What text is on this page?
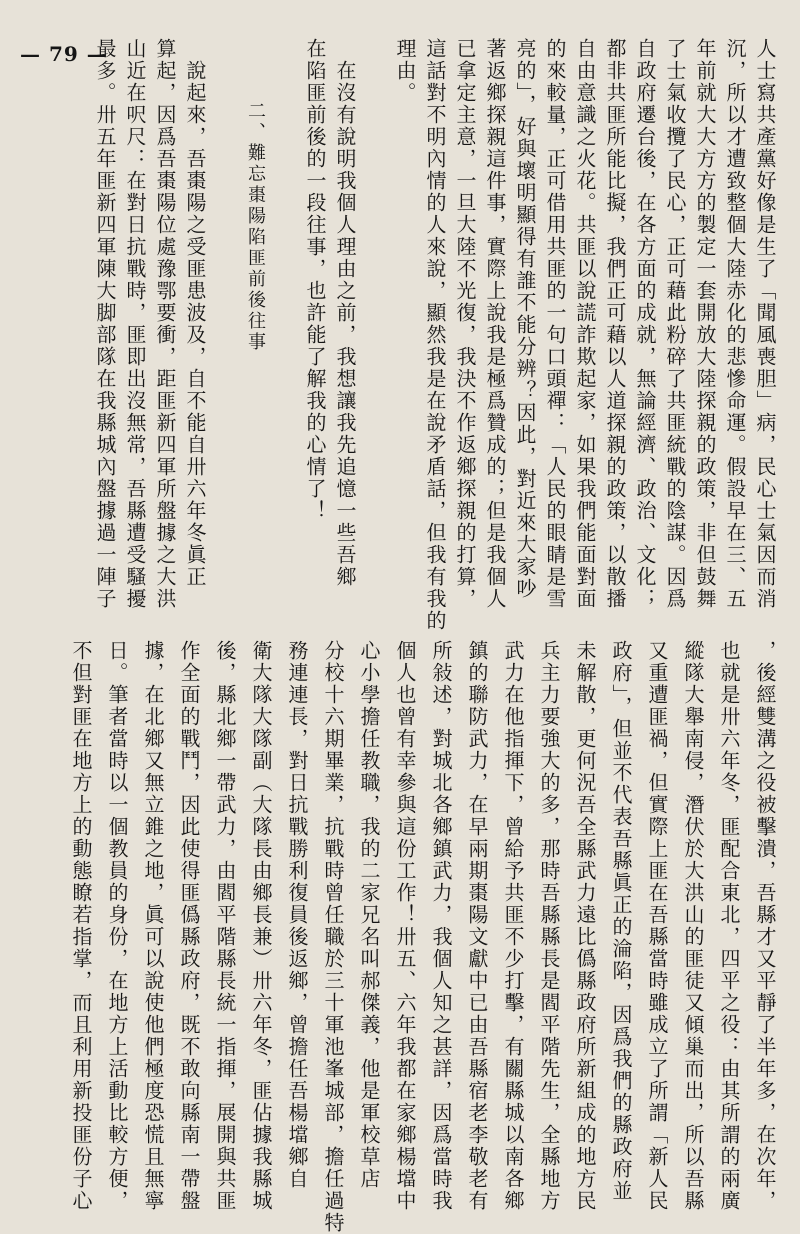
— 79 —	人士寫共產黨好像是生了「聞風喪胆」病，民心士氣因而消
沉，所以才遭致整個大陸赤化的悲慘命運。假設早在三、五
年前就大大方方的製定一套開放大陸探親的政策，非但鼓舞
了士氣收攬了民心，正可藉此粉碎了共匪統戰的陰謀。因爲
自政府遷台後，在各方面的成就，無論經濟、政治、文化；
都非共匪所能比擬，我們正可藉以人道探親的政策，以散播
自由意識之火花。共匪以說謊詐欺起家，如果我們能面對面
的來較量，正可借用共匪的一句口頭禪：「人民的眼睛是雪
亮的」，好與壞明顯得有誰不能分辨？因此，對近來大家吵
著返鄉探親這件事，實際上說我是極爲贊成的；但是我個人
已拿定主意，一旦大陸不光復，我決不作返鄉探親的打算，
這話對不明內情的人來說，顯然我是在說矛盾話，但我有我的
理由。
　在沒有說明我個人理由之前，我想讓我先追憶一些吾鄉
在陷匪前後的一段往事，也許能了解我的心情了！
　　　二、難忘棗陽陷匪前後往事
　說起來，吾棗陽之受匪患波及，自不能自卅六年冬眞正
算起，因爲吾棗陽位處豫鄂要衝，距匪新四軍所盤據之大洪
山近在呎尺：在對日抗戰時，匪即出沒無常，吾縣遭受騷擾
最多。卅五年匪新四軍陳大脚部隊在我縣城內盤據過一陣子
，後經雙溝之役被擊潰，吾縣才又平靜了半年多，在次年，
也就是卅六年冬，匪配合東北，四平之役：由其所謂的兩廣
縱隊大舉南侵，潛伏於大洪山的匪徒又傾巢而出，所以吾縣
又重遭匪禍，但實際上匪在吾縣當時雖成立了所謂「新人民
政府」，但並不代表吾縣眞正的淪陷，因爲我們的縣政府並
未解散，更何況吾全縣武力遠比僞縣政府所新組成的地方民
兵主力要強大的多，那時吾縣縣長是閻平階先生，全縣地方
武力在他指揮下，曾給予共匪不少打擊，有關縣城以南各鄉
鎮的聯防武力，在早兩期棗陽文獻中已由吾縣宿老李敬老有
所敍述，對城北各鄉鎮武力，我個人知之甚詳，因爲當時我
個人也曾有幸參與這份工作！卅五、六年我都在家鄉楊壋中
心小學擔任教職，我的二家兄名叫郝傑義，他是軍校草店
分校十六期畢業，抗戰時曾任職於三十軍池峯城部，擔任過特
務連連長，對日抗戰勝利復員後返鄉，曾擔任吾楊壋鄉自
衛大隊大隊副（大隊長由鄉長兼）卅六年冬，匪佔據我縣城
後，縣北鄉一帶武力，由閻平階縣長統一指揮，展開與共匪
作全面的戰鬥，因此使得匪僞縣政府，既不敢向縣南一帶盤
據，在北鄉又無立錐之地，眞可以說使他們極度恐慌且無寧
日。筆者當時以一個教員的身份，在地方上活動比較方便，
不但對匪在地方上的動態瞭若指掌，而且利用新投匪份子心
